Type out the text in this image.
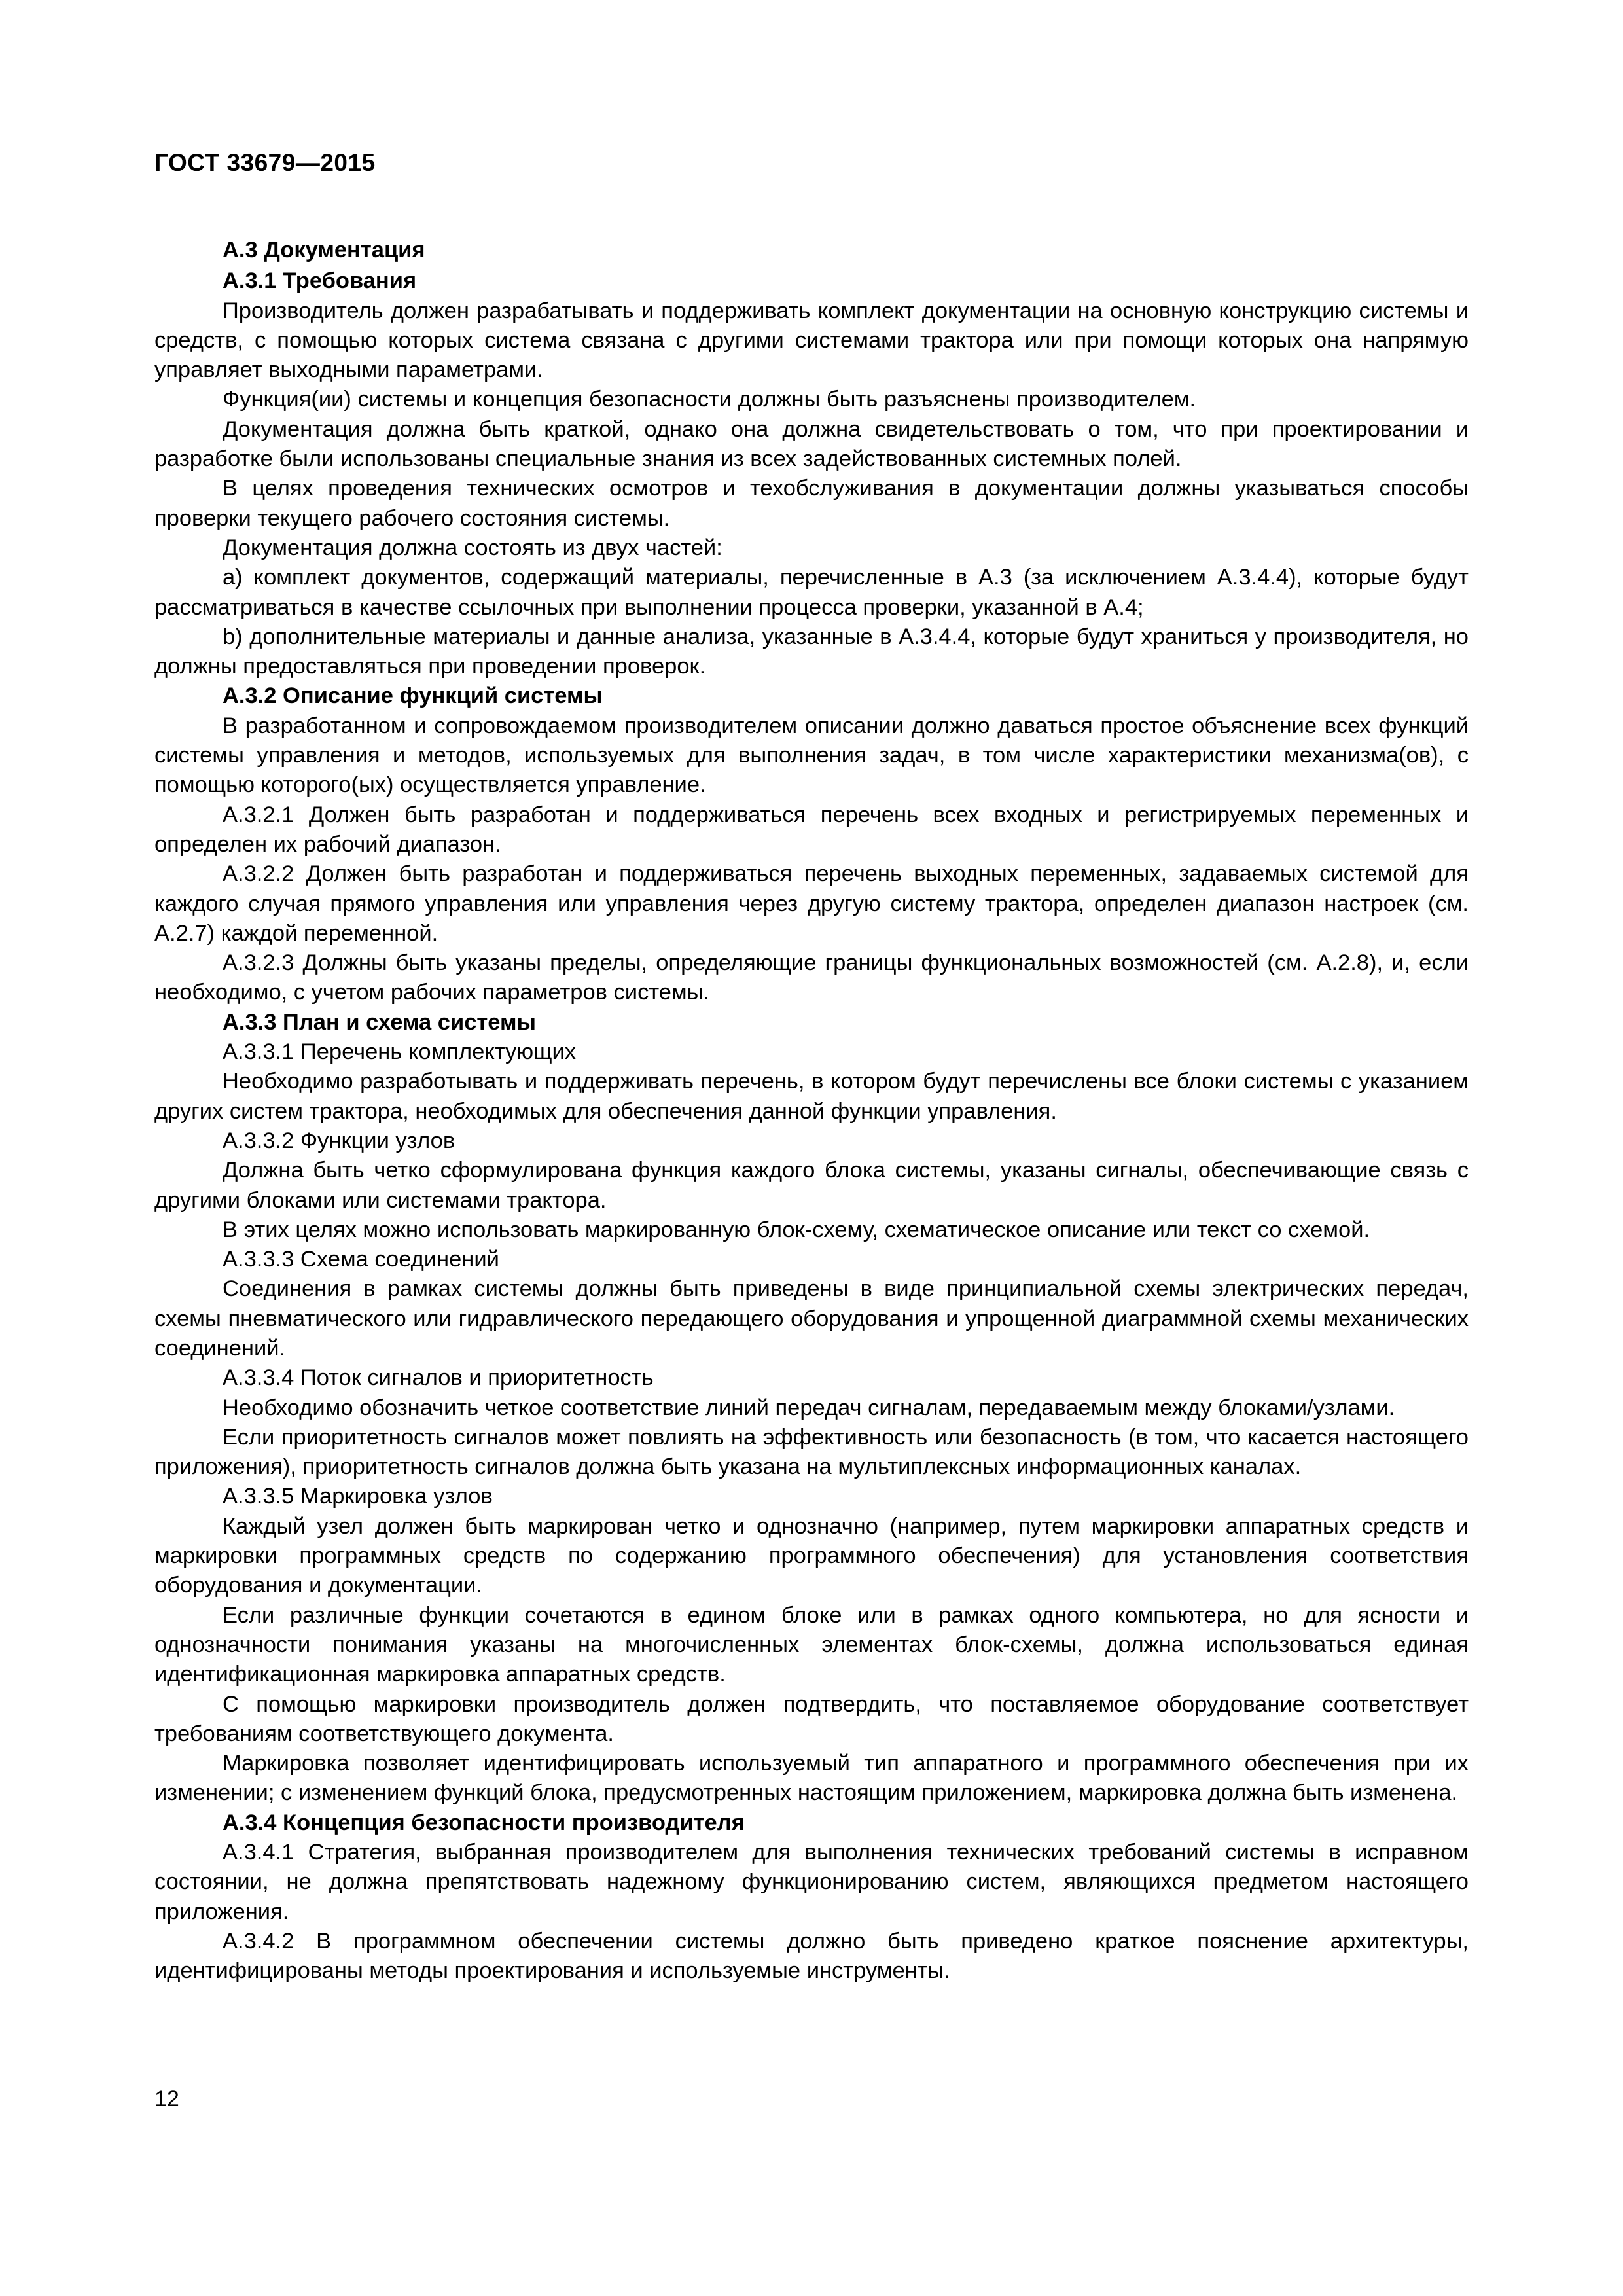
ГОСТ 33679—2015

А.3 Документация

А.3.1 Требования

Производитель должен разрабатывать и поддерживать комплект документации на основную конструкцию системы и средств, с помощью которых система связана с другими системами трактора или при помощи которых она напрямую управляет выходными параметрами.

Функция(ии) системы и концепция безопасности должны быть разъяснены производителем.

Документация должна быть краткой, однако она должна свидетельствовать о том, что при проектировании и разработке были использованы специальные знания из всех задействованных системных полей.

В целях проведения технических осмотров и техобслуживания в документации должны указываться способы проверки текущего рабочего состояния системы.

Документация должна состоять из двух частей:

а) комплект документов, содержащий материалы, перечисленные в А.3 (за исключением А.3.4.4), которые будут рассматриваться в качестве ссылочных при выполнении процесса проверки, указанной в А.4;

b) дополнительные материалы и данные анализа, указанные в А.3.4.4, которые будут храниться у производителя, но должны предоставляться при проведении проверок.

А.3.2 Описание функций системы

В разработанном и сопровождаемом производителем описании должно даваться простое объяснение всех функций системы управления и методов, используемых для выполнения задач, в том числе характеристики механизма(ов), с помощью которого(ых) осуществляется управление.

А.3.2.1 Должен быть разработан и поддерживаться перечень всех входных и регистрируемых переменных и определен их рабочий диапазон.

А.3.2.2 Должен быть разработан и поддерживаться перечень выходных переменных, задаваемых системой для каждого случая прямого управления или управления через другую систему трактора, определен диапазон настроек (см. А.2.7) каждой переменной.

А.3.2.3 Должны быть указаны пределы, определяющие границы функциональных возможностей (см. А.2.8), и, если необходимо, с учетом рабочих параметров системы.

А.3.3 План и схема системы

А.3.3.1 Перечень комплектующих

Необходимо разработывать и поддерживать перечень, в котором будут перечислены все блоки системы с указанием других систем трактора, необходимых для обеспечения данной функции управления.

А.3.3.2 Функции узлов

Должна быть четко сформулирована функция каждого блока системы, указаны сигналы, обеспечивающие связь с другими блоками или системами трактора.

В этих целях можно использовать маркированную блок-схему, схематическое описание или текст со схемой.

А.3.3.3 Схема соединений

Соединения в рамках системы должны быть приведены в виде принципиальной схемы электрических передач, схемы пневматического или гидравлического передающего оборудования и упрощенной диаграммной схемы механических соединений.

А.3.3.4 Поток сигналов и приоритетность

Необходимо обозначить четкое соответствие линий передач сигналам, передаваемым между блоками/узлами.

Если приоритетность сигналов может повлиять на эффективность или безопасность (в том, что касается настоящего приложения), приоритетность сигналов должна быть указана на мультиплексных информационных каналах.

А.3.3.5 Маркировка узлов

Каждый узел должен быть маркирован четко и однозначно (например, путем маркировки аппаратных средств и маркировки программных средств по содержанию программного обеспечения) для установления соответствия оборудования и документации.

Если различные функции сочетаются в едином блоке или в рамках одного компьютера, но для ясности и однозначности понимания указаны на многочисленных элементах блок-схемы, должна использоваться единая идентификационная маркировка аппаратных средств.

С помощью маркировки производитель должен подтвердить, что поставляемое оборудование соответствует требованиям соответствующего документа.

Маркировка позволяет идентифицировать используемый тип аппаратного и программного обеспечения при их изменении; с изменением функций блока, предусмотренных настоящим приложением, маркировка должна быть изменена.

А.3.4 Концепция безопасности производителя

А.3.4.1 Стратегия, выбранная производителем для выполнения технических требований системы в исправном состоянии, не должна препятствовать надежному функционированию систем, являющихся предметом настоящего приложения.

А.3.4.2 В программном обеспечении системы должно быть приведено краткое пояснение архитектуры, идентифицированы методы проектирования и используемые инструменты.

12
